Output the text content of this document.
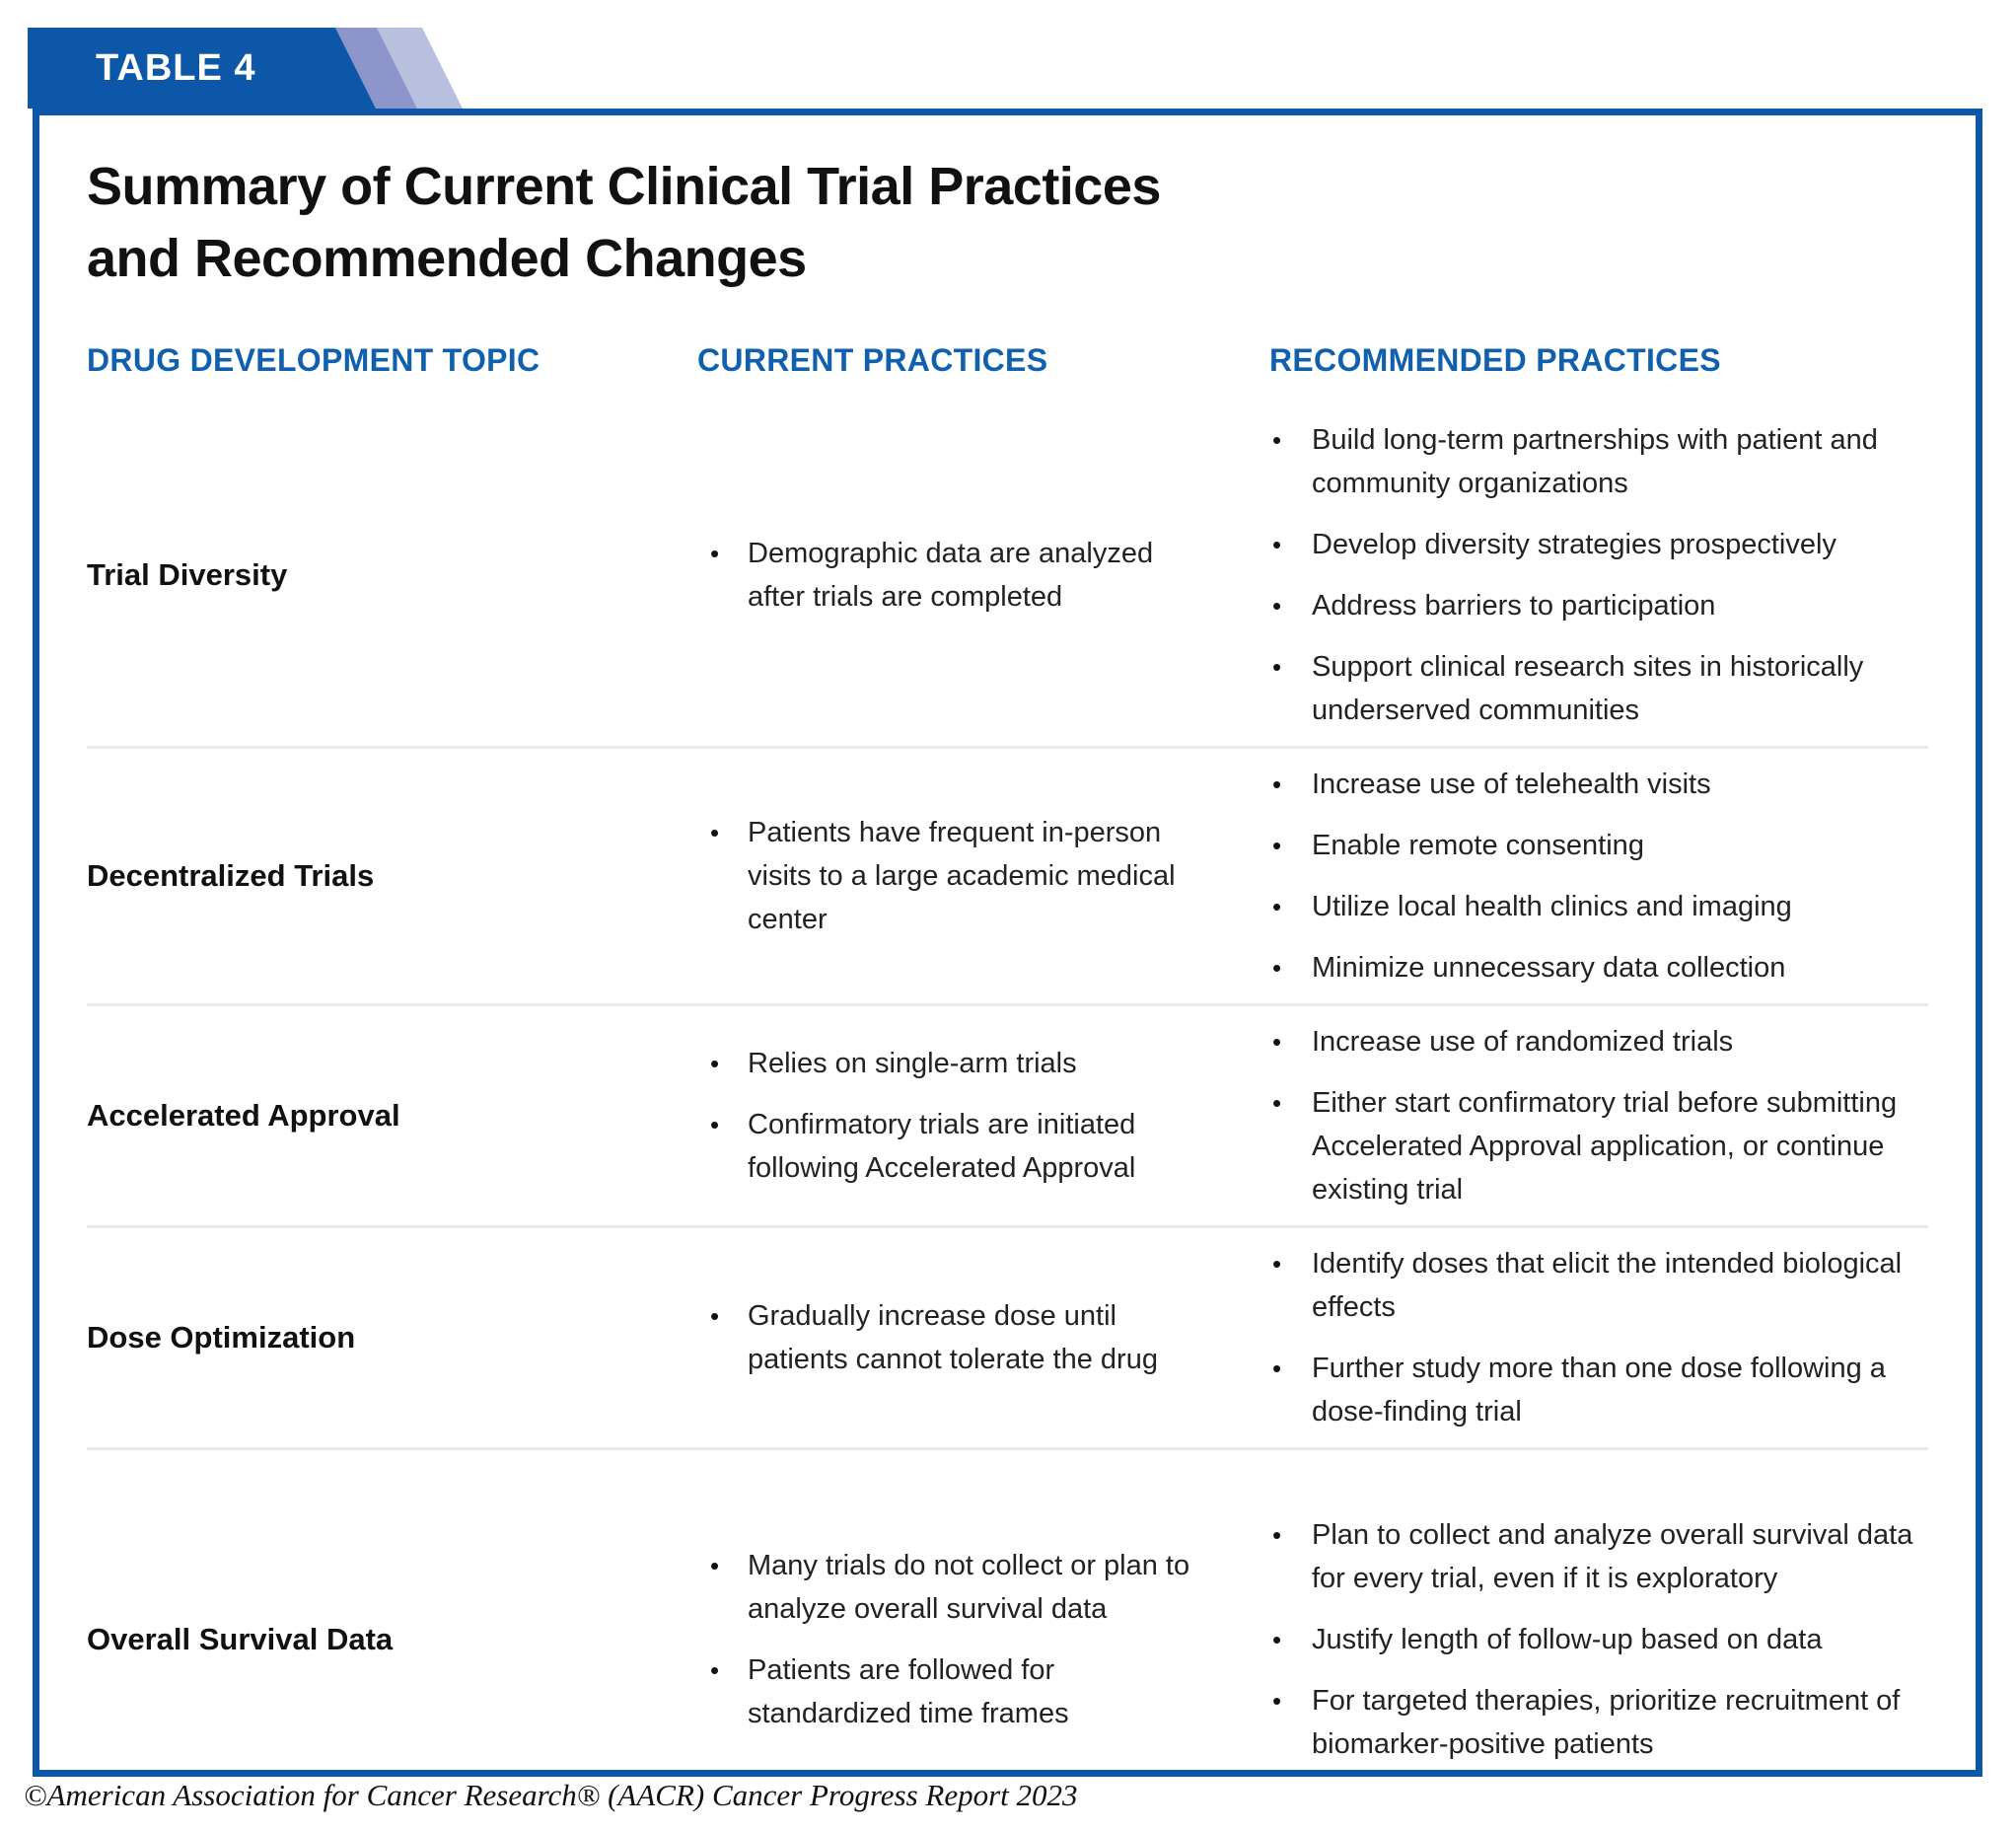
TABLE 4
Summary of Current Clinical Trial Practices
and Recommended Changes
DRUG DEVELOPMENT TOPIC	CURRENT PRACTICES	RECOMMENDED PRACTICES
Trial Diversity
• Demographic data are analyzed after trials are completed
• Build long-term partnerships with patient and community organizations
• Develop diversity strategies prospectively
• Address barriers to participation
• Support clinical research sites in historically underserved communities
Decentralized Trials
• Patients have frequent in-person visits to a large academic medical center
• Increase use of telehealth visits
• Enable remote consenting
• Utilize local health clinics and imaging
• Minimize unnecessary data collection
Accelerated Approval
• Relies on single-arm trials
• Confirmatory trials are initiated following Accelerated Approval
• Increase use of randomized trials
• Either start confirmatory trial before submitting Accelerated Approval application, or continue existing trial
Dose Optimization
• Gradually increase dose until patients cannot tolerate the drug
• Identify doses that elicit the intended biological effects
• Further study more than one dose following a dose-finding trial
Overall Survival Data
• Many trials do not collect or plan to analyze overall survival data
• Patients are followed for standardized time frames
• Plan to collect and analyze overall survival data for every trial, even if it is exploratory
• Justify length of follow-up based on data
• For targeted therapies, prioritize recruitment of biomarker-positive patients
©American Association for Cancer Research® (AACR) Cancer Progress Report 2023
